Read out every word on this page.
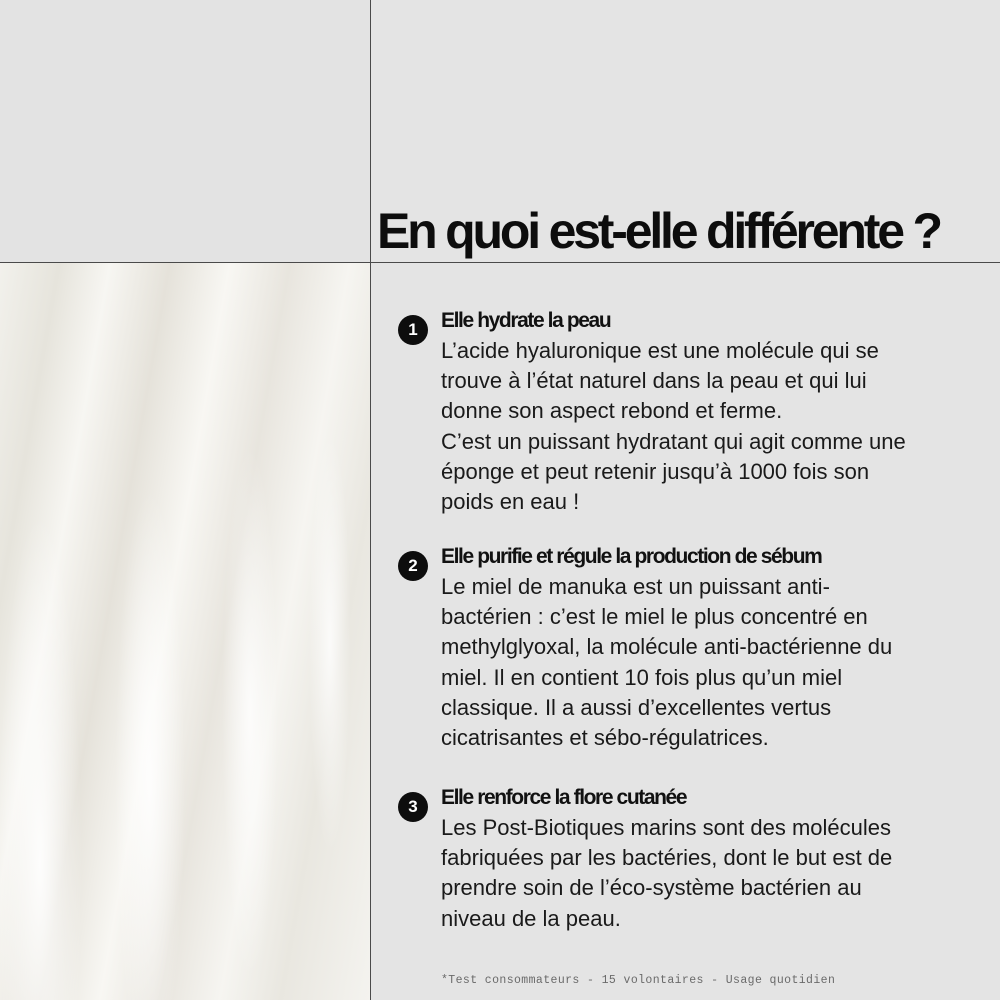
En quoi est-elle différente ?
1	Elle hydrate la peau
L’acide hyaluronique est une molécule qui se
trouve à l’état naturel dans la peau et qui lui
donne son aspect rebond et ferme.
C’est un puissant hydratant qui agit comme une
éponge et peut retenir jusqu’à 1000 fois son
poids en eau !
2	Elle purifie et régule la production de sébum
Le miel de manuka est un puissant anti-
bactérien : c’est le miel le plus concentré en
methylglyoxal, la molécule anti-bactérienne du
miel. Il en contient 10 fois plus qu’un miel
classique. Il a aussi d’excellentes vertus
cicatrisantes et sébo-régulatrices.
3	Elle renforce la flore cutanée
Les Post-Biotiques marins sont des molécules
fabriquées par les bactéries, dont le but est de
prendre soin de l’éco-système bactérien au
niveau de la peau.
*Test consommateurs - 15 volontaires - Usage quotidien
